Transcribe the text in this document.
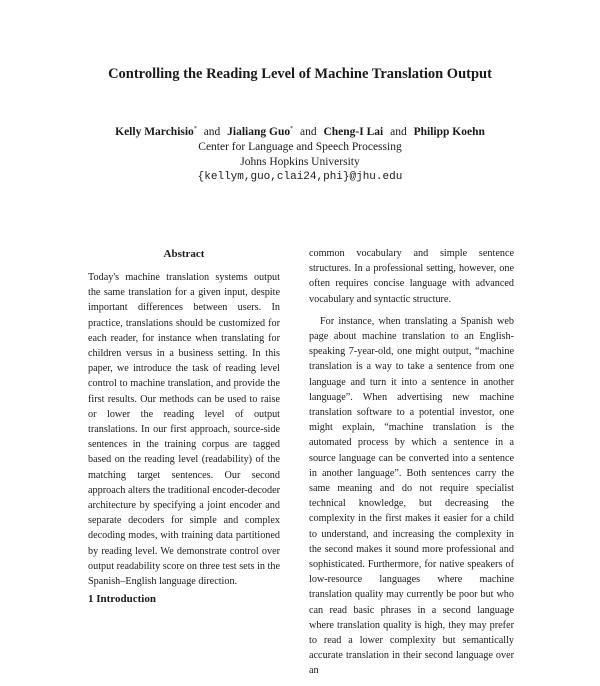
Controlling the Reading Level of Machine Translation Output
Kelly Marchisio* and Jialiang Guo* and Cheng-I Lai and Philipp Koehn
Center for Language and Speech Processing
Johns Hopkins University
{kellym,guo,clai24,phi}@jhu.edu
Abstract

Today's machine translation systems output the same translation for a given input, despite important differences between users. In practice, translations should be customized for each reader, for instance when translating for children versus in a business setting. In this paper, we introduce the task of reading level control to machine translation, and provide the first results. Our methods can be used to raise or lower the reading level of output translations. In our first approach, source-side sentences in the training corpus are tagged based on the reading level (readability) of the matching target sentences. Our second approach alters the traditional encoder-decoder architecture by specifying a joint encoder and separate decoders for simple and complex decoding modes, with training data partitioned by reading level. We demonstrate control over output readability score on three test sets in the Spanish–English language direction.

common vocabulary and simple sentence structures. In a professional setting, however, one often requires concise language with advanced vocabulary and syntactic structure.

For instance, when translating a Spanish web page about machine translation to an English-speaking 7-year-old, one might output, “machine translation is a way to take a sentence from one language and turn it into a sentence in another language”. When advertising new machine translation software to a potential investor, one might explain, “machine translation is the automated process by which a sentence in a source language can be converted into a sentence in another language”. Both sentences carry the same meaning and do not require specialist technical knowledge, but decreasing the complexity in the first makes it easier for a child to understand, and increasing the complexity in the second makes it sound more professional and sophisticated. Furthermore, for native speakers of low-resource languages where machine translation quality may currently be poor but who can read basic phrases in a second language where translation quality is high, they may prefer to read a lower complexity but semantically accurate translation in their second language over an

1 Introduction
